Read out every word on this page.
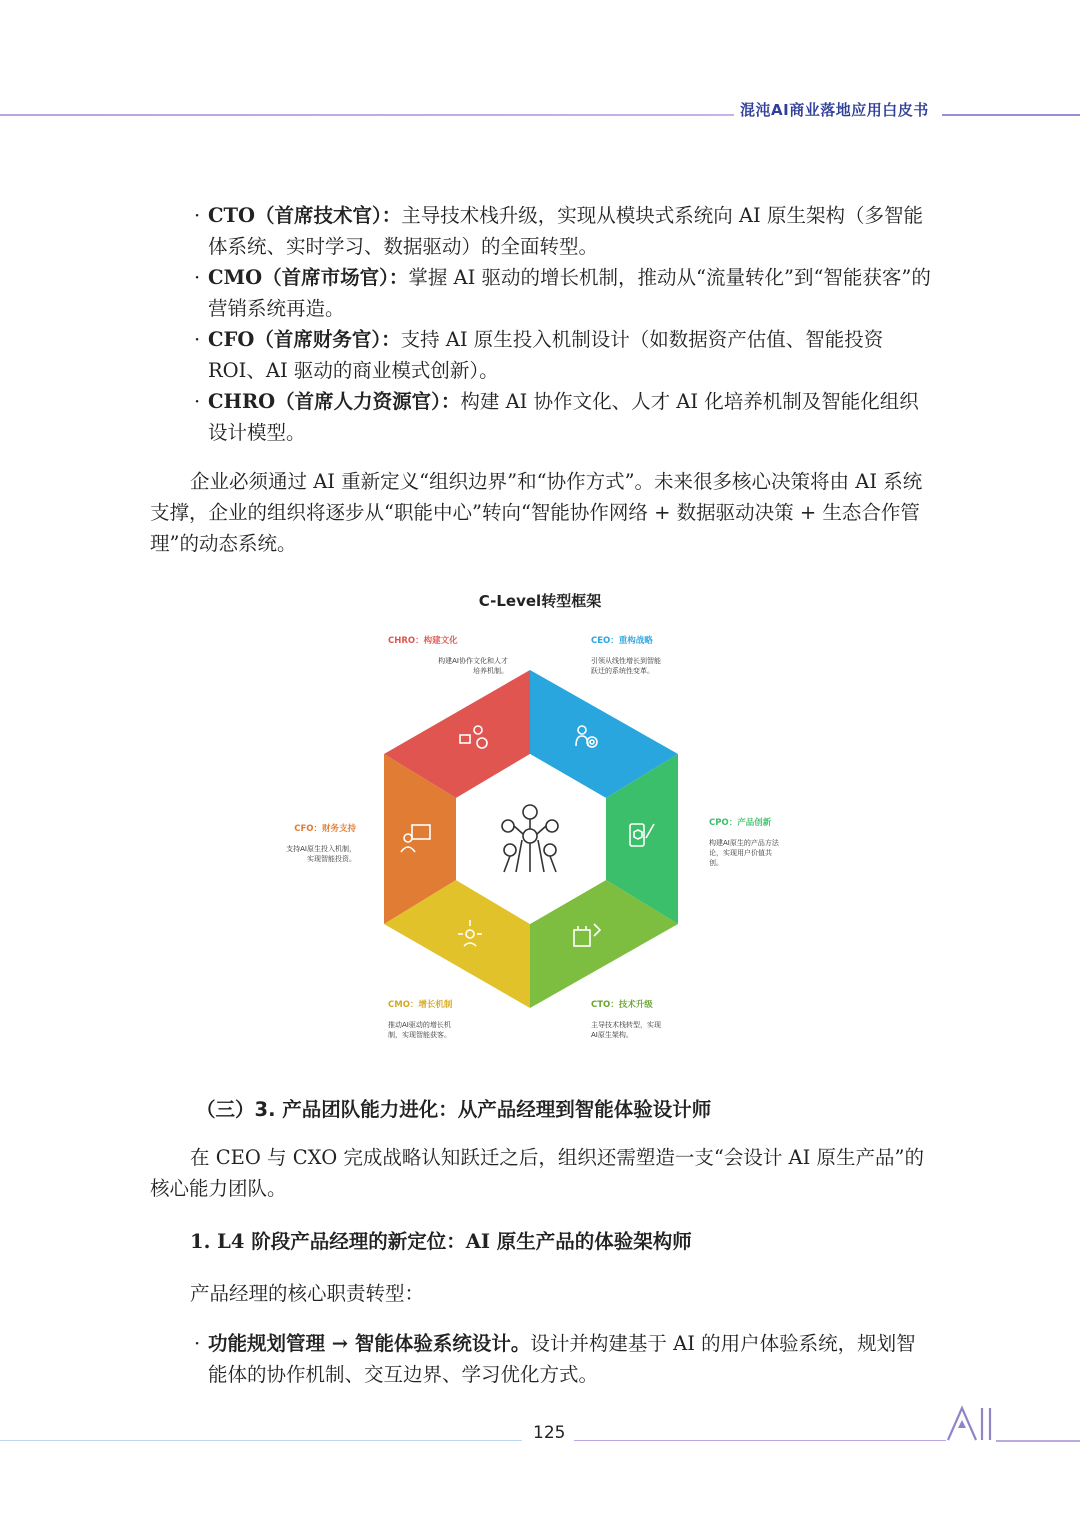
混沌AI商业落地应用白皮书
· CTO（首席技术官）：主导技术栈升级，实现从模块式系统向 AI 原生架构（多智能体系统、实时学习、数据驱动）的全面转型。
· CMO（首席市场官）：掌握 AI 驱动的增长机制，推动从“流量转化”到“智能获客”的营销系统再造。
· CFO（首席财务官）：支持 AI 原生投入机制设计（如数据资产估值、智能投资 ROI、AI 驱动的商业模式创新）。
· CHRO（首席人力资源官）：构建 AI 协作文化、人才 AI 化培养机制及智能化组织设计模型。
企业必须通过 AI 重新定义“组织边界”和“协作方式”。未来很多核心决策将由 AI 系统支撑，企业的组织将逐步从“职能中心”转向“智能协作网络 + 数据驱动决策 + 生态合作管理”的动态系统。
C-Level转型框架
CHRO：构建文化
构建AI协作文化和人才
培养机制。
CEO：重构战略
引领从线性增长到智能
跃迁的系统性变革。
CPO：产品创新
构建AI原生的产品方法
论，实现用户价值共
创。
CTO：技术升级
主导技术栈转型，实现
AI原生架构。
CMO：增长机制
推动AI驱动的增长机
制，实现智能获客。
CFO：财务支持
支持AI原生投入机制，
实现智能投资。
（三）3. 产品团队能力进化：从产品经理到智能体验设计师
在 CEO 与 CXO 完成战略认知跃迁之后，组织还需塑造一支“会设计 AI 原生产品”的核心能力团队。
1. L4 阶段产品经理的新定位：AI 原生产品的体验架构师
产品经理的核心职责转型：
· 功能规划管理 → 智能体验系统设计。设计并构建基于 AI 的用户体验系统，规划智能体的协作机制、交互边界、学习优化方式。
125	AI
